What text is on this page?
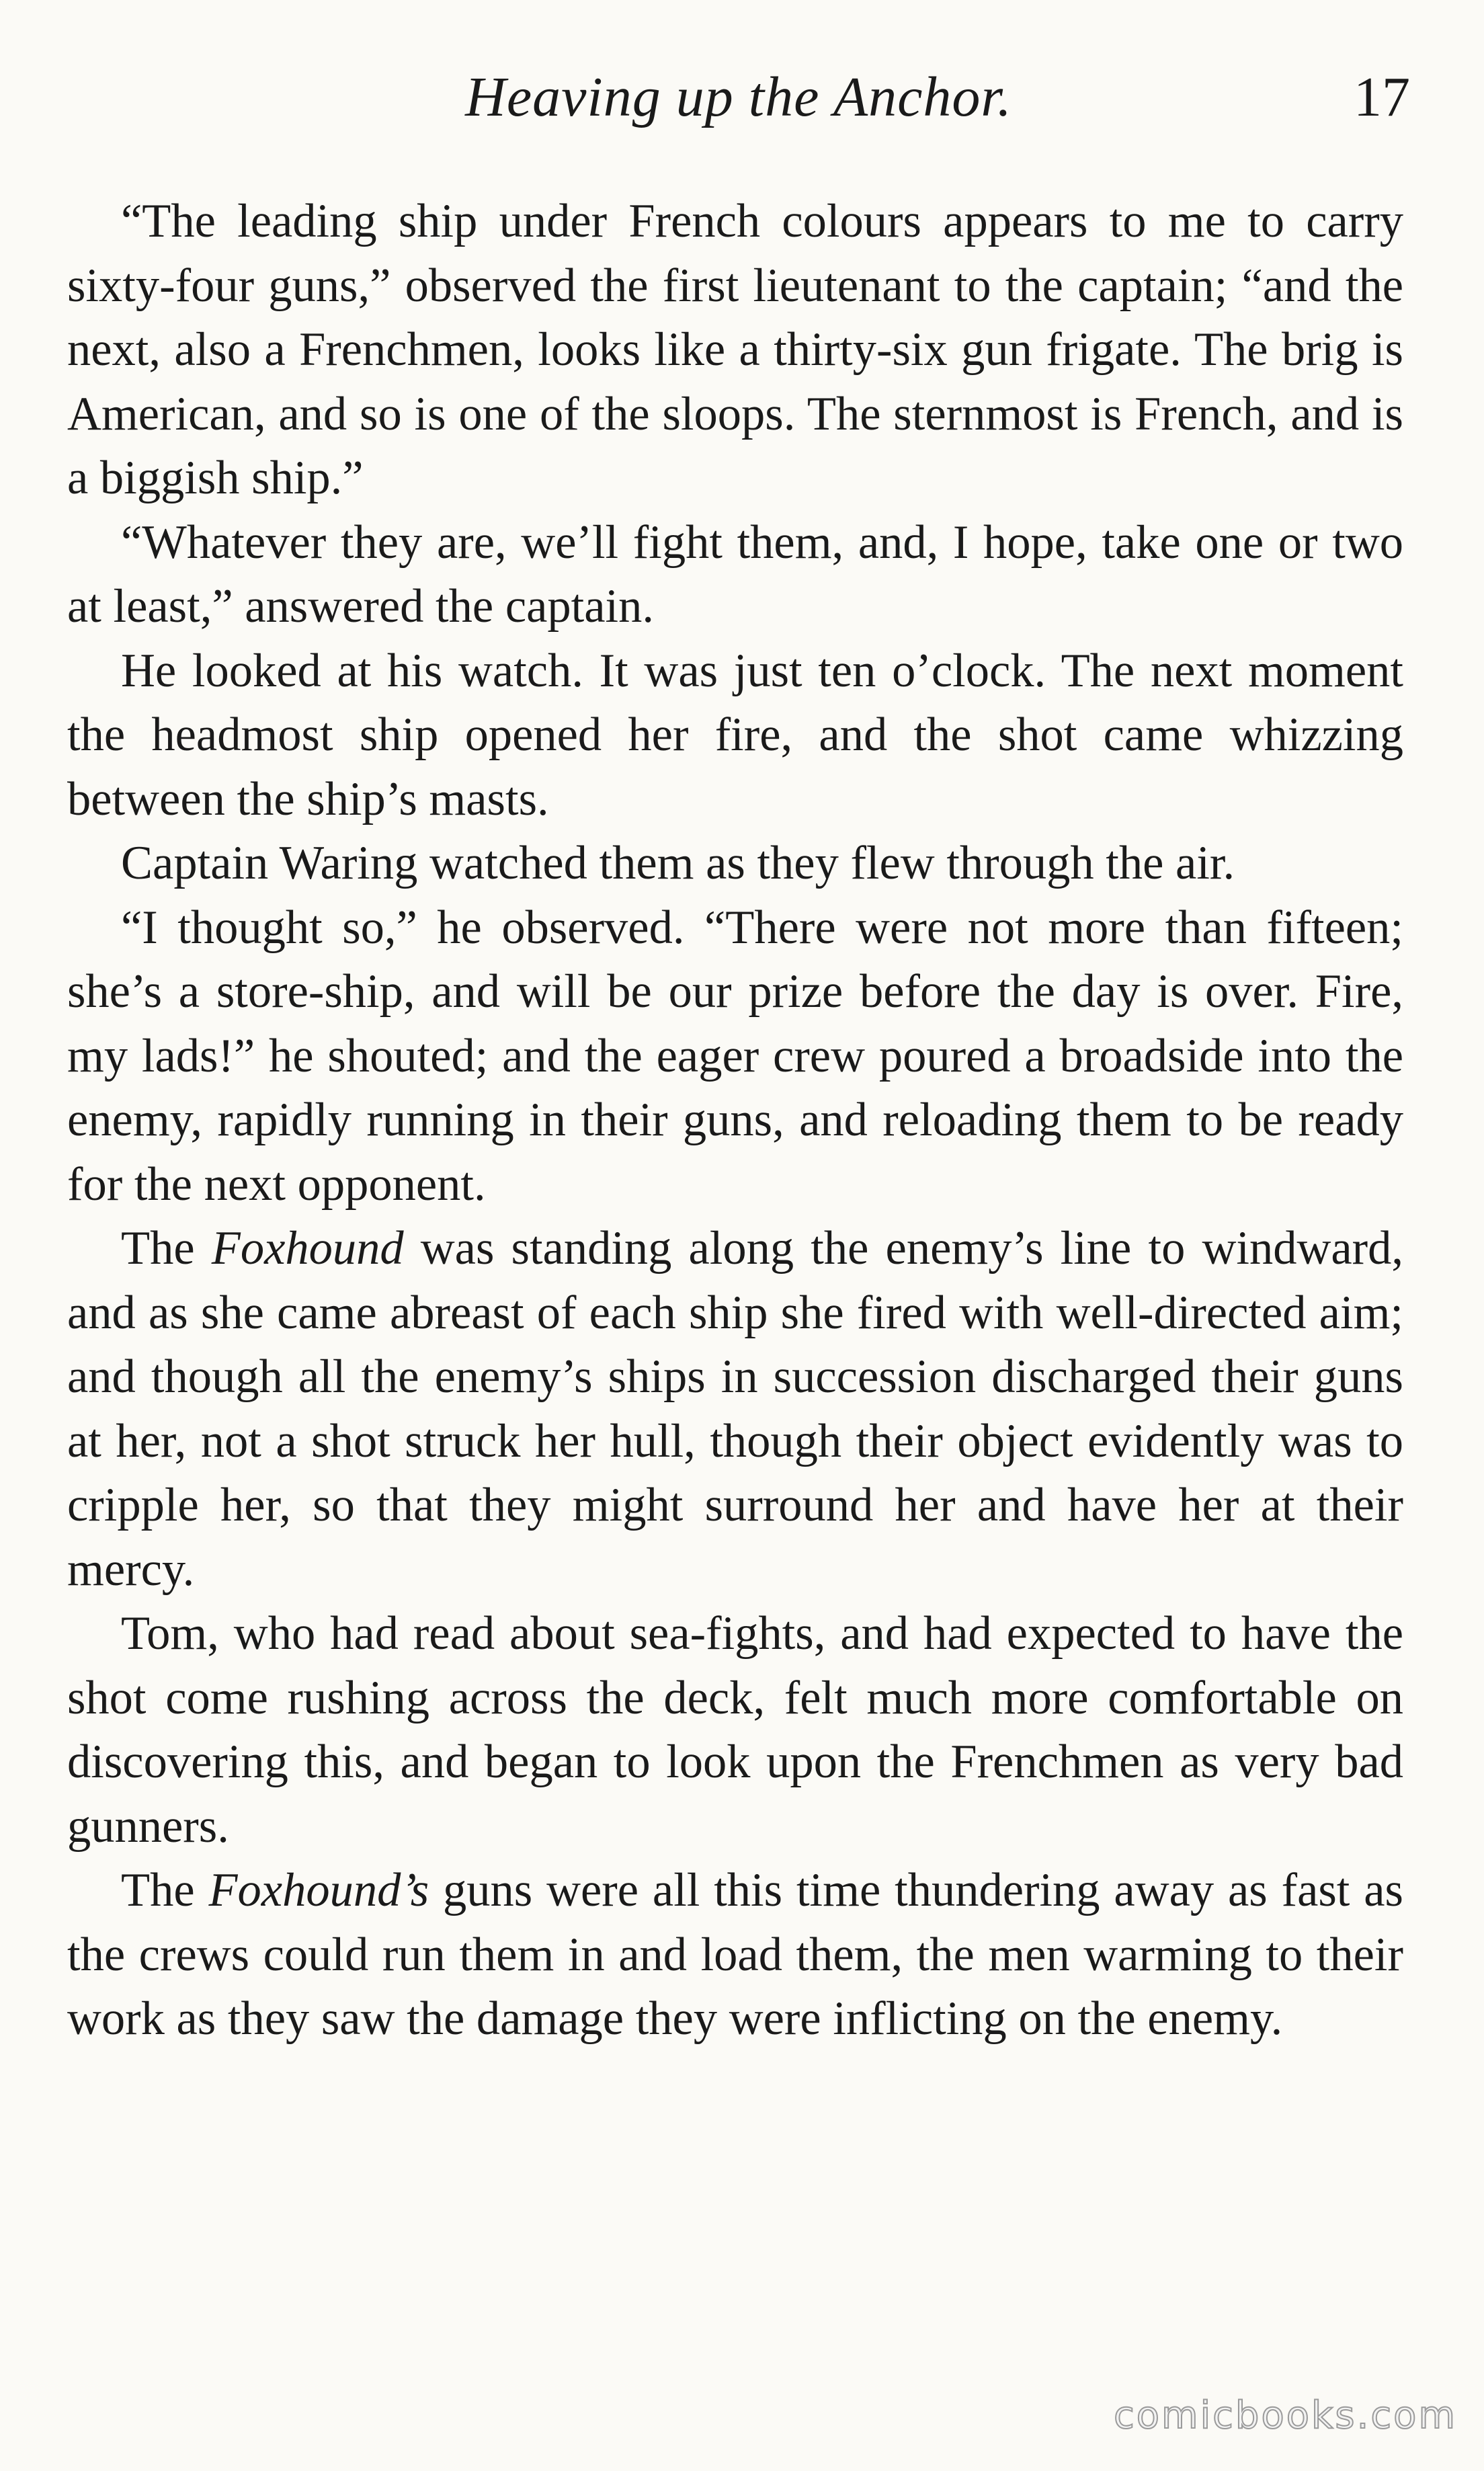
Heaving up the Anchor.	17

“The leading ship under French colours appears to me to carry sixty-four guns,” observed the first lieutenant to the captain; “and the next, also a Frenchmen, looks like a thirty-six gun frigate. The brig is American, and so is one of the sloops. The sternmost is French, and is a biggish ship.”

“Whatever they are, we’ll fight them, and, I hope, take one or two at least,” answered the captain.

He looked at his watch. It was just ten o’clock. The next moment the headmost ship opened her fire, and the shot came whizzing between the ship’s masts.

Captain Waring watched them as they flew through the air.

“I thought so,” he observed. “There were not more than fifteen; she’s a store-ship, and will be our prize before the day is over. Fire, my lads!” he shouted; and the eager crew poured a broadside into the enemy, rapidly running in their guns, and reloading them to be ready for the next opponent.

The Foxhound was standing along the enemy’s line to windward, and as she came abreast of each ship she fired with well-directed aim; and though all the enemy’s ships in succession discharged their guns at her, not a shot struck her hull, though their object evidently was to cripple her, so that they might surround her and have her at their mercy.

Tom, who had read about sea-fights, and had expected to have the shot come rushing across the deck, felt much more comfortable on discovering this, and began to look upon the Frenchmen as very bad gunners.

The Foxhound’s guns were all this time thundering away as fast as the crews could run them in and load them, the men warming to their work as they saw the damage they were inflicting on the enemy.

comicbooks.com
